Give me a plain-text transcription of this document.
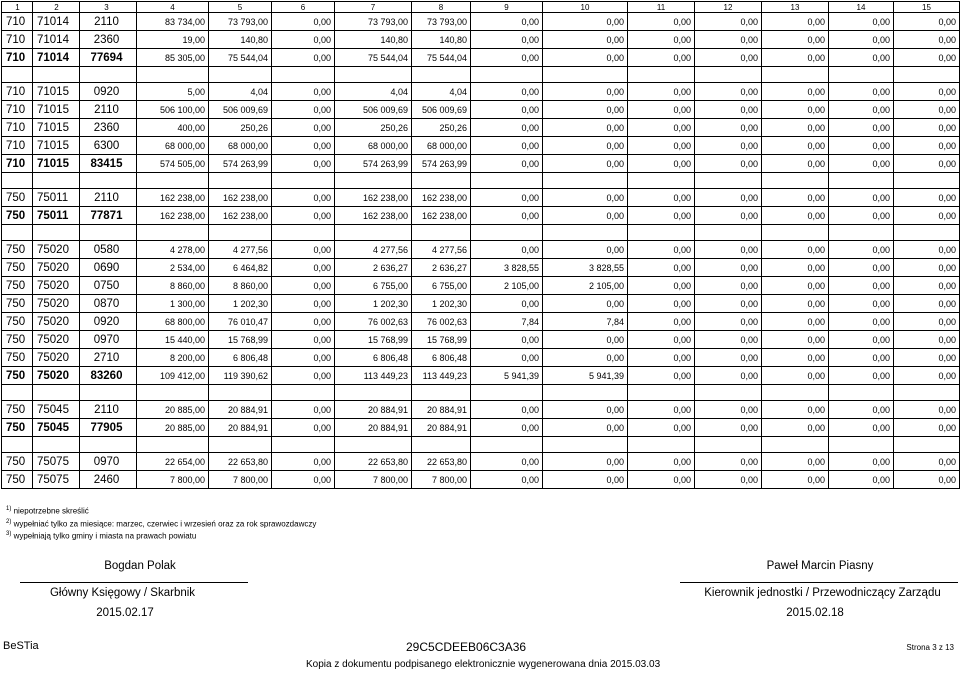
1	2	3	4	5	6	7	8	9	10	11	12	13	14	15
710	71014	2110	83 734,00	73 793,00	0,00	73 793,00	73 793,00	0,00	0,00	0,00	0,00	0,00	0,00	0,00
710	71014	2360	19,00	140,80	0,00	140,80	140,80	0,00	0,00	0,00	0,00	0,00	0,00	0,00
710	71014	77694	85 305,00	75 544,04	0,00	75 544,04	75 544,04	0,00	0,00	0,00	0,00	0,00	0,00	0,00

710	71015	0920	5,00	4,04	0,00	4,04	4,04	0,00	0,00	0,00	0,00	0,00	0,00	0,00
710	71015	2110	506 100,00	506 009,69	0,00	506 009,69	506 009,69	0,00	0,00	0,00	0,00	0,00	0,00	0,00
710	71015	2360	400,00	250,26	0,00	250,26	250,26	0,00	0,00	0,00	0,00	0,00	0,00	0,00
710	71015	6300	68 000,00	68 000,00	0,00	68 000,00	68 000,00	0,00	0,00	0,00	0,00	0,00	0,00	0,00
710	71015	83415	574 505,00	574 263,99	0,00	574 263,99	574 263,99	0,00	0,00	0,00	0,00	0,00	0,00	0,00

750	75011	2110	162 238,00	162 238,00	0,00	162 238,00	162 238,00	0,00	0,00	0,00	0,00	0,00	0,00	0,00
750	75011	77871	162 238,00	162 238,00	0,00	162 238,00	162 238,00	0,00	0,00	0,00	0,00	0,00	0,00	0,00

750	75020	0580	4 278,00	4 277,56	0,00	4 277,56	4 277,56	0,00	0,00	0,00	0,00	0,00	0,00	0,00
750	75020	0690	2 534,00	6 464,82	0,00	2 636,27	2 636,27	3 828,55	3 828,55	0,00	0,00	0,00	0,00	0,00
750	75020	0750	8 860,00	8 860,00	0,00	6 755,00	6 755,00	2 105,00	2 105,00	0,00	0,00	0,00	0,00	0,00
750	75020	0870	1 300,00	1 202,30	0,00	1 202,30	1 202,30	0,00	0,00	0,00	0,00	0,00	0,00	0,00
750	75020	0920	68 800,00	76 010,47	0,00	76 002,63	76 002,63	7,84	7,84	0,00	0,00	0,00	0,00	0,00
750	75020	0970	15 440,00	15 768,99	0,00	15 768,99	15 768,99	0,00	0,00	0,00	0,00	0,00	0,00	0,00
750	75020	2710	8 200,00	6 806,48	0,00	6 806,48	6 806,48	0,00	0,00	0,00	0,00	0,00	0,00	0,00
750	75020	83260	109 412,00	119 390,62	0,00	113 449,23	113 449,23	5 941,39	5 941,39	0,00	0,00	0,00	0,00	0,00

750	75045	2110	20 885,00	20 884,91	0,00	20 884,91	20 884,91	0,00	0,00	0,00	0,00	0,00	0,00	0,00
750	75045	77905	20 885,00	20 884,91	0,00	20 884,91	20 884,91	0,00	0,00	0,00	0,00	0,00	0,00	0,00

750	75075	0970	22 654,00	22 653,80	0,00	22 653,80	22 653,80	0,00	0,00	0,00	0,00	0,00	0,00	0,00
750	75075	2460	7 800,00	7 800,00	0,00	7 800,00	7 800,00	0,00	0,00	0,00	0,00	0,00	0,00	0,00
$^{1)}$ niepotrzebne skreślić
$^{2)}$ wypełniać tylko za miesiące: marzec, czerwiec i wrzesień oraz za rok sprawozdawczy
$^{3)}$ wypełniają tylko gminy i miasta na prawach powiatu
Bogdan Polak
Główny Księgowy / Skarbnik
2015.02.17
Paweł Marcin Piasny
Kierownik jednostki / Przewodniczący Zarządu
2015.02.18
BeSTia	29C5CDEEB06C3A36	Strona 3 z 13
Kopia z dokumentu podpisanego elektronicznie wygenerowana dnia 2015.03.03
